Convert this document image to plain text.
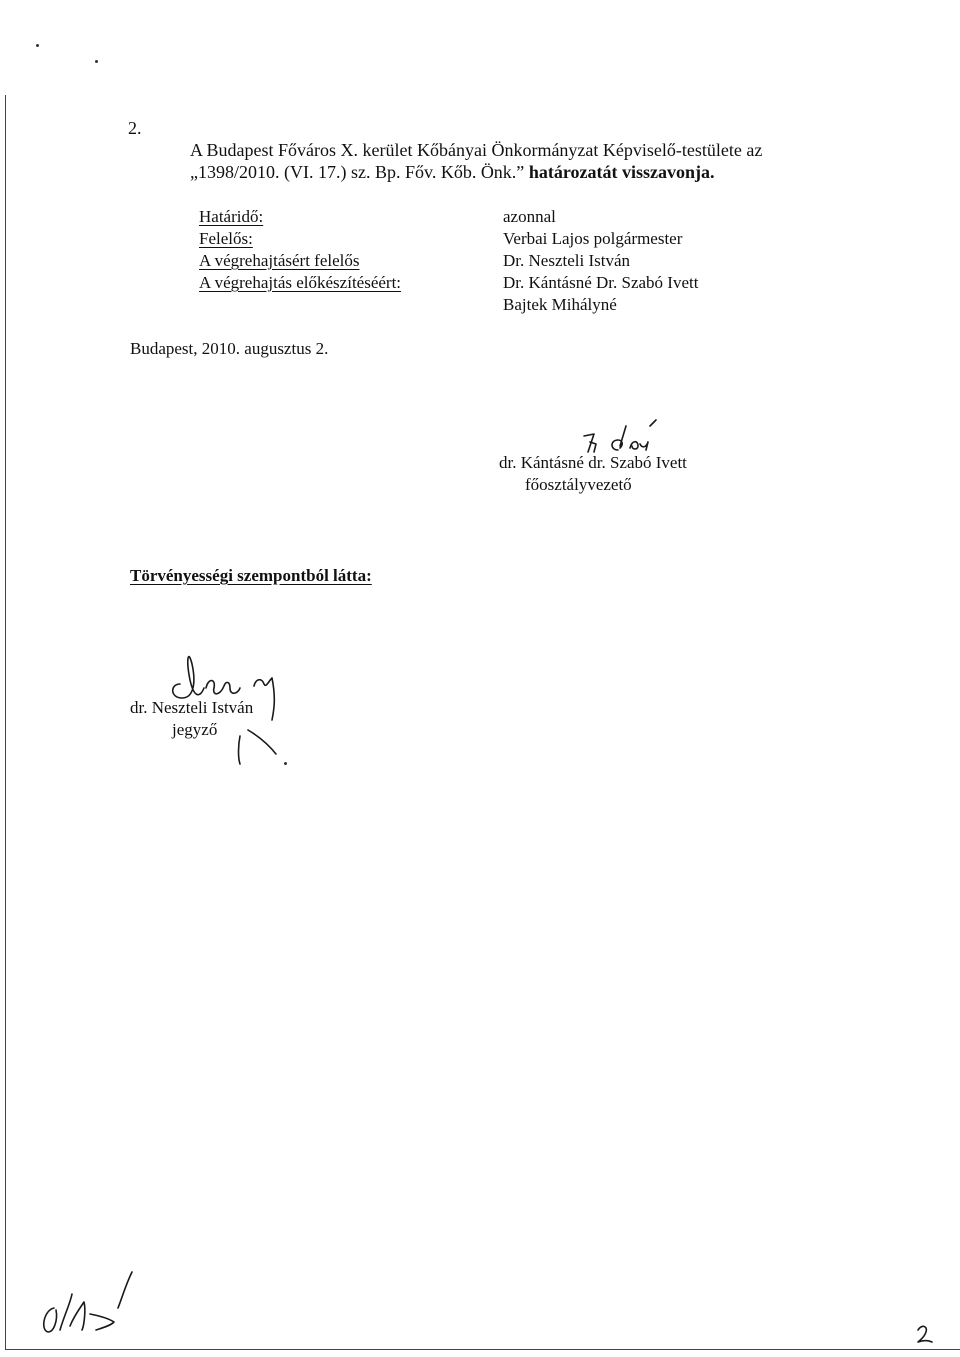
2.
A Budapest Főváros X. kerület Kőbányai Önkormányzat Képviselő-testülete az
„1398/2010. (VI. 17.) sz. Bp. Főv. Kőb. Önk.” határozatát visszavonja.
Határidő:
Felelős:
A végrehajtásért felelős
A végrehajtás előkészítéséért:
azonnal
Verbai Lajos polgármester
Dr. Neszteli István
Dr. Kántásné Dr. Szabó Ivett
Bajtek Mihályné
Budapest, 2010. augusztus 2.
dr. Kántásné dr. Szabó Ivett
főosztályvezető
Törvényességi szempontból látta:
dr. Neszteli István
jegyző
